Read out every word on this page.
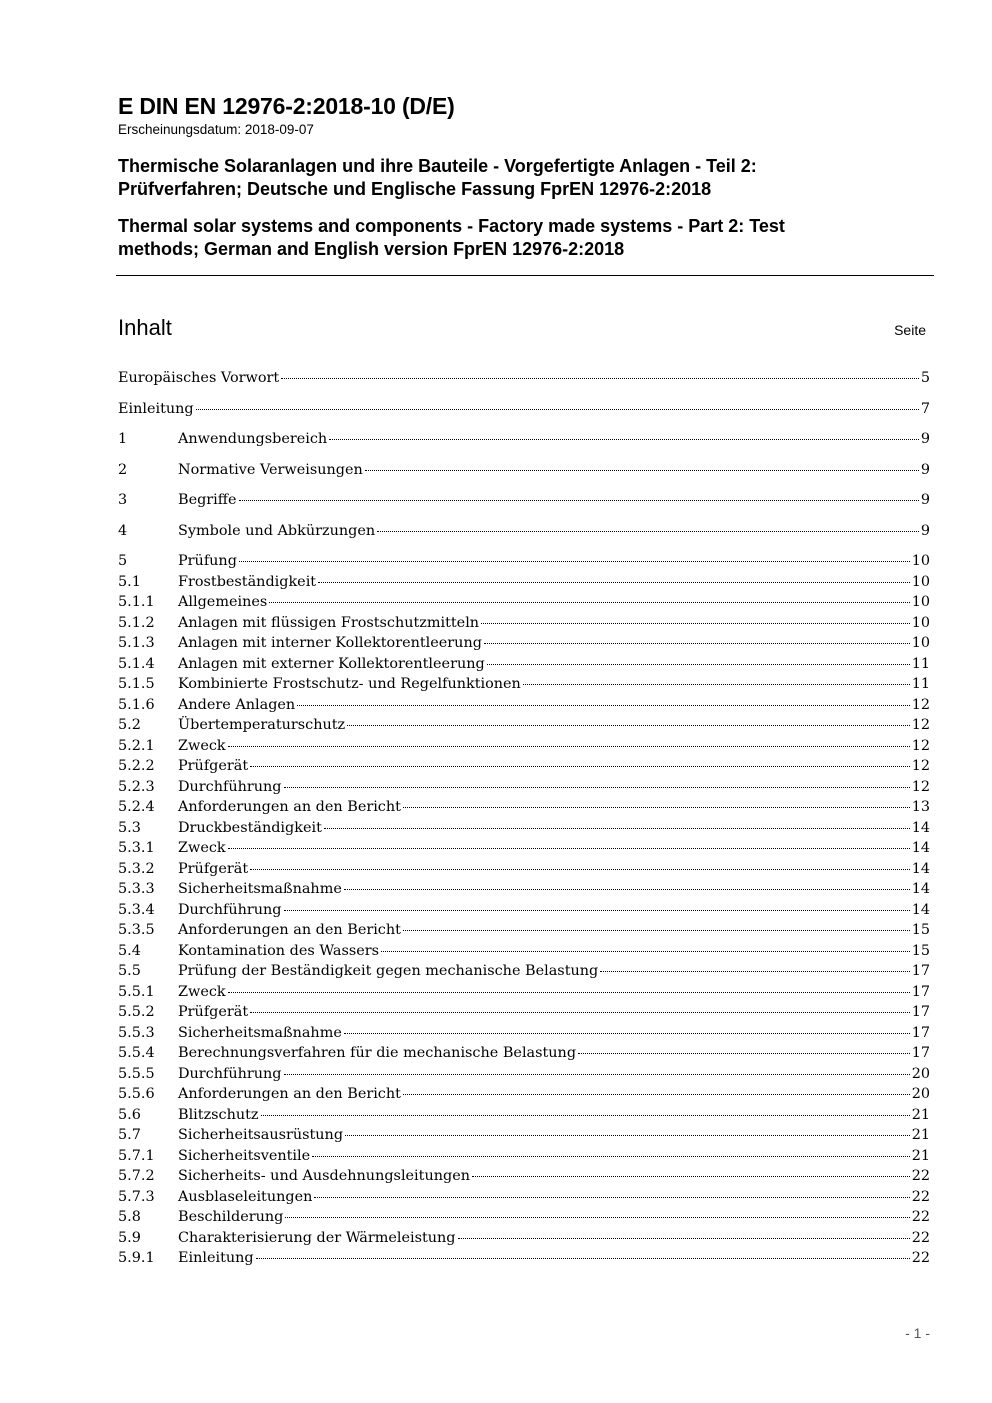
E DIN EN 12976-2:2018-10 (D/E)
Erscheinungsdatum: 2018-09-07
Thermische Solaranlagen und ihre Bauteile - Vorgefertigte Anlagen - Teil 2:
Prüfverfahren; Deutsche und Englische Fassung FprEN 12976-2:2018
Thermal solar systems and components - Factory made systems - Part 2: Test
methods; German and English version FprEN 12976-2:2018
Inhalt	Seite
Europäisches Vorwort	5
Einleitung	7
1	Anwendungsbereich	9
2	Normative Verweisungen	9
3	Begriffe	9
4	Symbole und Abkürzungen	9
5	Prüfung	10
5.1	Frostbeständigkeit	10
5.1.1	Allgemeines	10
5.1.2	Anlagen mit flüssigen Frostschutzmitteln	10
5.1.3	Anlagen mit interner Kollektorentleerung	10
5.1.4	Anlagen mit externer Kollektorentleerung	11
5.1.5	Kombinierte Frostschutz- und Regelfunktionen	11
5.1.6	Andere Anlagen	12
5.2	Übertemperaturschutz	12
5.2.1	Zweck	12
5.2.2	Prüfgerät	12
5.2.3	Durchführung	12
5.2.4	Anforderungen an den Bericht	13
5.3	Druckbeständigkeit	14
5.3.1	Zweck	14
5.3.2	Prüfgerät	14
5.3.3	Sicherheitsmaßnahme	14
5.3.4	Durchführung	14
5.3.5	Anforderungen an den Bericht	15
5.4	Kontamination des Wassers	15
5.5	Prüfung der Beständigkeit gegen mechanische Belastung	17
5.5.1	Zweck	17
5.5.2	Prüfgerät	17
5.5.3	Sicherheitsmaßnahme	17
5.5.4	Berechnungsverfahren für die mechanische Belastung	17
5.5.5	Durchführung	20
5.5.6	Anforderungen an den Bericht	20
5.6	Blitzschutz	21
5.7	Sicherheitsausrüstung	21
5.7.1	Sicherheitsventile	21
5.7.2	Sicherheits- und Ausdehnungsleitungen	22
5.7.3	Ausblaseleitungen	22
5.8	Beschilderung	22
5.9	Charakterisierung der Wärmeleistung	22
5.9.1	Einleitung	22
- 1 -
